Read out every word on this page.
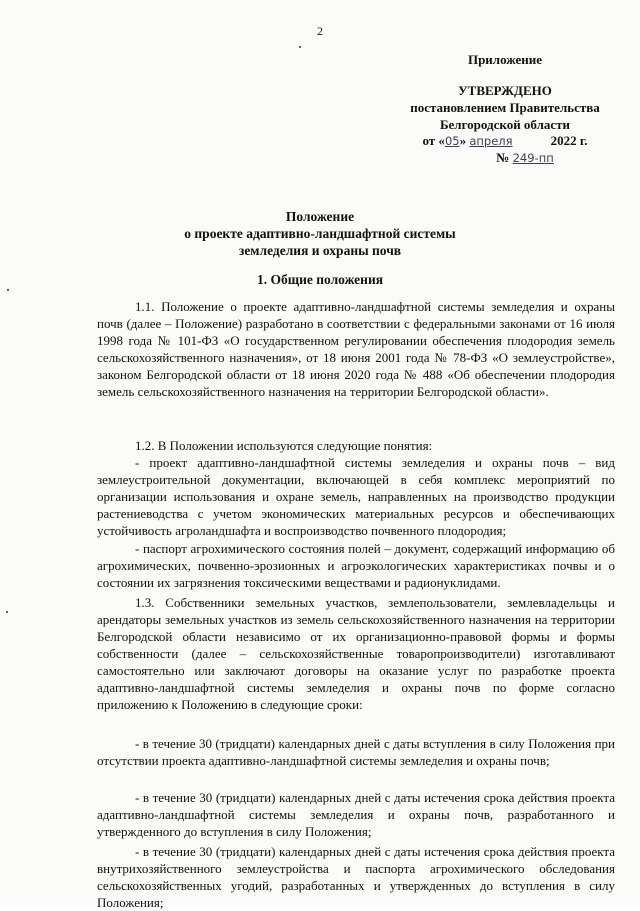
2
Приложение
УТВЕРЖДЕНО
постановлением Правительства
Белгородской области
от «05» апреля	2022 г.
№ 249-пп
Положение
о проекте адаптивно-ландшафтной системы
земледелия и охраны почв
1. Общие положения
1.1. Положение о проекте адаптивно-ландшафтной системы земледелия и охраны почв (далее – Положение) разработано в соответствии с федеральными законами от 16 июля 1998 года № 101-ФЗ «О государственном регулировании обеспечения плодородия земель сельскохозяйственного назначения», от 18 июня 2001 года № 78-ФЗ «О землеустройстве», законом Белгородской области от 18 июня 2020 года № 488 «Об обеспечении плодородия земель сельскохозяйственного назначения на территории Белгородской области».
1.2. В Положении используются следующие понятия:
- проект адаптивно-ландшафтной системы земледелия и охраны почв – вид землеустроительной документации, включающей в себя комплекс мероприятий по организации использования и охране земель, направленных на производство продукции растениеводства с учетом экономических материальных ресурсов и обеспечивающих устойчивость агроландшафта и воспроизводство почвенного плодородия;
- паспорт агрохимического состояния полей – документ, содержащий информацию об агрохимических, почвенно-эрозионных и агроэкологических характеристиках почвы и о состоянии их загрязнения токсическими веществами и радионуклидами.
1.3. Собственники земельных участков, землепользователи, землевладельцы и арендаторы земельных участков из земель сельскохозяйственного назначения на территории Белгородской области независимо от их организационно-правовой формы и формы собственности (далее – сельскохозяйственные товаропроизводители) изготавливают самостоятельно или заключают договоры на оказание услуг по разработке проекта адаптивно-ландшафтной системы земледелия и охраны почв по форме согласно приложению к Положению в следующие сроки:
- в течение 30 (тридцати) календарных дней с даты вступления в силу Положения при отсутствии проекта адаптивно-ландшафтной системы земледелия и охраны почв;
- в течение 30 (тридцати) календарных дней с даты истечения срока действия проекта адаптивно-ландшафтной системы земледелия и охраны почв, разработанного и утвержденного до вступления в силу Положения;
- в течение 30 (тридцати) календарных дней с даты истечения срока действия проекта внутрихозяйственного землеустройства и паспорта агрохимического обследования сельскохозяйственных угодий, разработанных и утвержденных до вступления в силу Положения;
